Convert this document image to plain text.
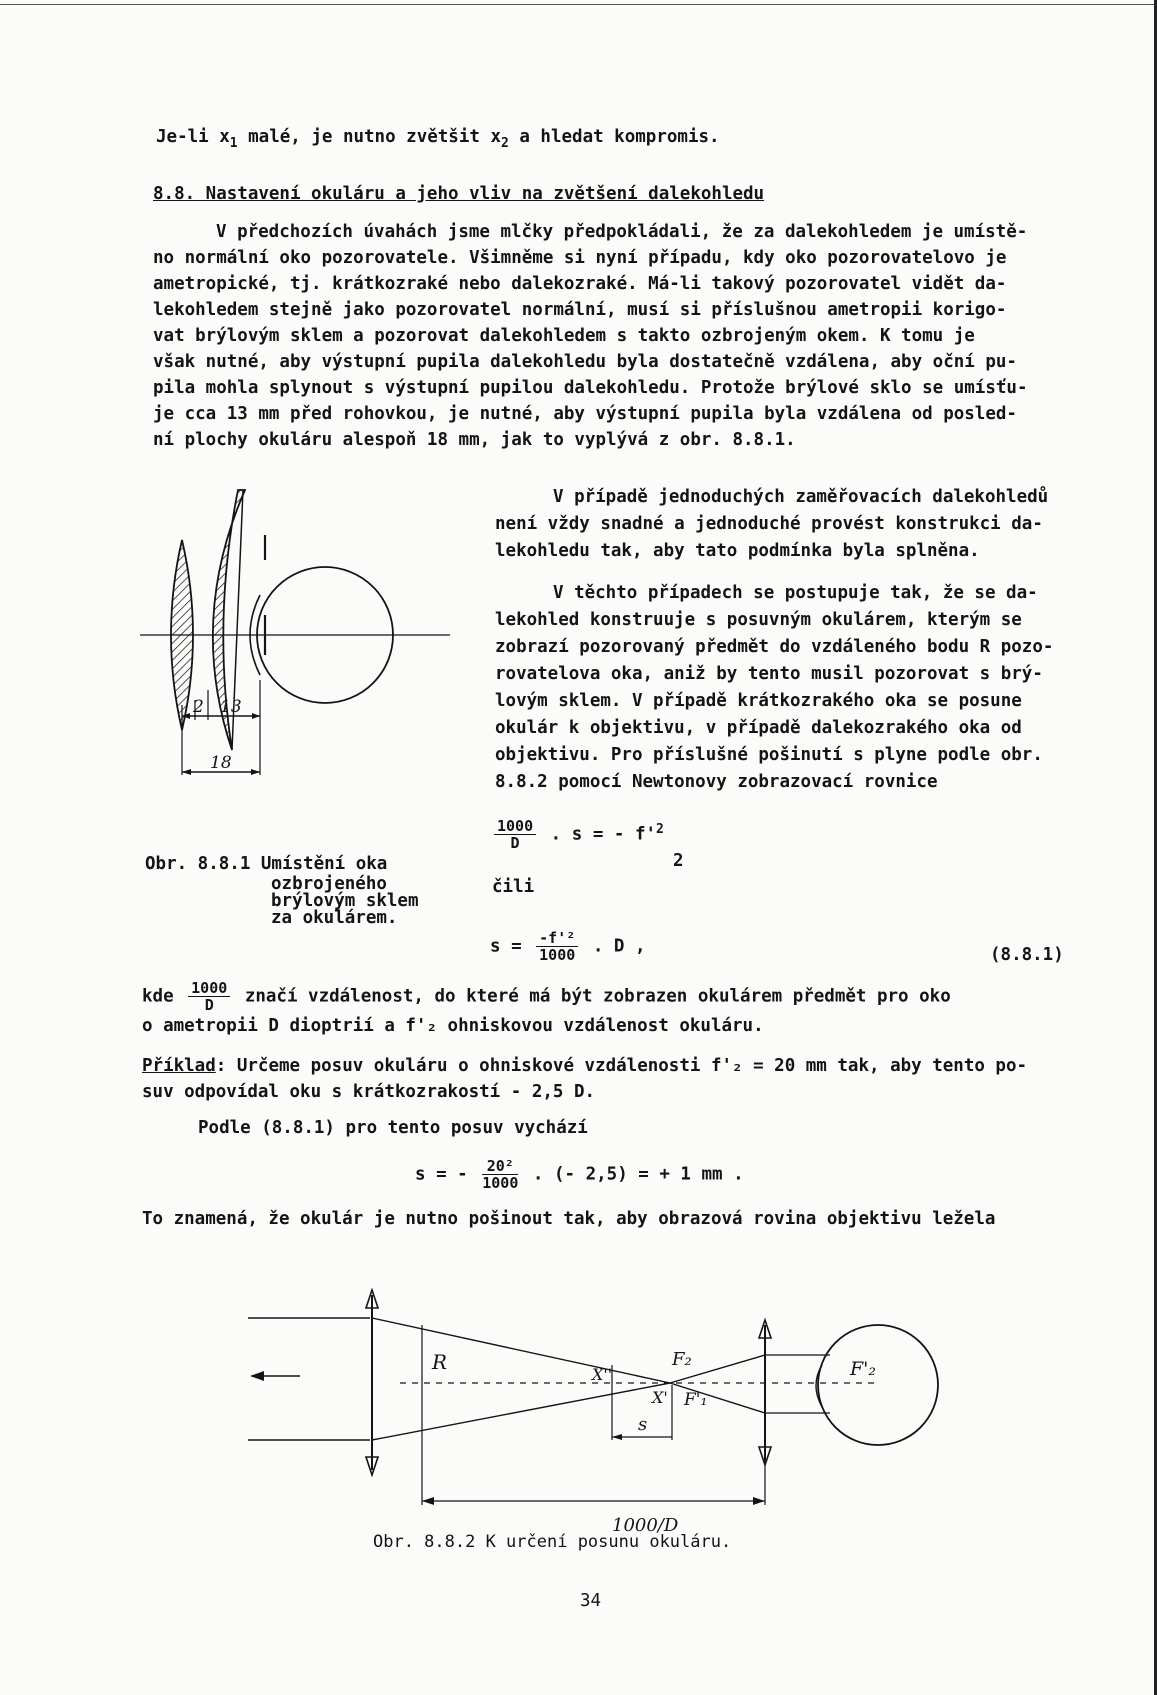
Je-li $x_1$ malé, je nutno zvětšit $x_2$ a hledat kompromis.
8.8. Nastavení okuláru a jeho vliv na zvětšení dalekohledu
V předchozích úvahách jsme mlčky předpokládali, že za dalekohledem je umístě-
no normální oko pozorovatele. Všimněme si nyní případu, kdy oko pozorovatelovo je
ametropické, tj. krátkozraké nebo dalekozraké. Má-li takový pozorovatel vidět da-
lekohledem stejně jako pozorovatel normální, musí si příslušnou ametropii korigo-
vat brýlovým sklem a pozorovat dalekohledem s takto ozbrojeným okem. K tomu je
však nutné, aby výstupní pupila dalekohledu byla dostatečně vzdálena, aby oční pu-
pila mohla splynout s výstupní pupilou dalekohledu. Protože brýlové sklo se umísťu-
je cca 13 mm před rohovkou, je nutné, aby výstupní pupila byla vzdálena od posled-
ní plochy okuláru alespoň 18 mm, jak to vyplývá z obr. 8.8.1.
V případě jednoduchých zaměřovacích dalekohledů
není vždy snadné a jednoduché provést konstrukci da-
lekohledu tak, aby tato podmínka byla splněna.
V těchto případech se postupuje tak, že se da-
lekohled konstruuje s posuvným okulárem, kterým se
zobrazí pozorovaný předmět do vzdáleného bodu R pozo-
rovatelova oka, aniž by tento musil pozorovat s brý-
lovým sklem. V případě krátkozrakého oka se posune
okulár k objektivu, v případě dalekozrakého oka od
objektivu. Pro příslušné pošinutí s plyne podle obr.
8.8.2 pomocí Newtonovy zobrazovací rovnice
2 13
18
Obr. 8.8.1 Umístění oka
ozbrojeného
brýlovým sklem
za okulárem.
$\frac{1000}{D}$ . s = - $f'^2$
2
čili
$s = \frac{\text{-f'²}}{1000}$ . D ,	(8.8.1)
kde $\frac{1000}{D}$ značí vzdálenost, do které má být zobrazen okulárem předmět pro oko
o ametropii D dioptrií a f'₂ ohniskovou vzdálenost okuláru.
Příklad: Určeme posuv okuláru o ohniskové vzdálenosti f'₂ = 20 mm tak, aby tento po-
suv odpovídal oku s krátkozrakostí - 2,5 D.
Podle (8.8.1) pro tento posuv vychází
s = - $\frac{\text{20²}}{1000}$ . (- 2,5) = + 1 mm .
To znamená, že okulár je nutno pošinout tak, aby obrazová rovina objektivu ležela
R
X''
X'
F₂
F'₁
F'₂
s
1000/D
Obr. 8.8.2 K určení posunu okuláru.
34
